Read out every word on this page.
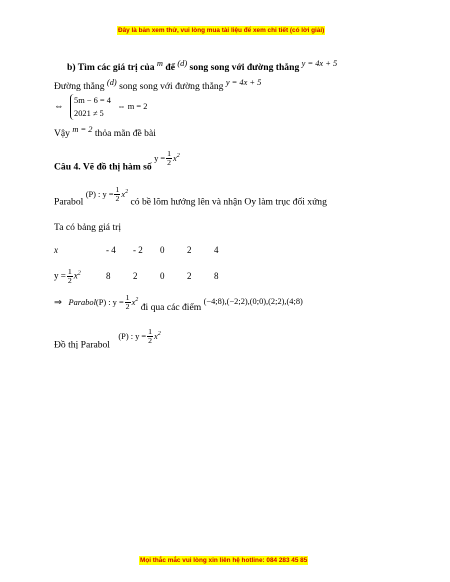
Đây là bản xem thử, vui lòng mua tài liệu để xem chi tiết (có lời giải)
b) Tìm các giá trị của $^m$ để $^{(d)}$ song song với đường thẳng $^{y = 4x + 5}$
Đường thẳng $^{(d)}$ song song với đường thẳng $^{y = 4x + 5}$
⇔
5m − 6 = 4
2021 ≠ 5
⇔ m = 2
Vậy $^{m = 2}$ thỏa mãn đề bài
Câu 4. Vẽ đồ thị hàm số $y = \frac{1}{2} x^2$
Parabol (P) : $y = \frac{1}{2} x^2$ có bề lõm hướng lên và nhận Oy làm trục đối xứng
Ta có bảng giá trị
x	- 4	- 2	0	2	4
$y = \frac{1}{2} x^2$	8	2	0	2	8
⇒ Parabol(P) : $y = \frac{1}{2} x^2$ đi qua các điểm (−4;8),(−2;2),(0;0),(2;2),(4;8)
Đồ thị Parabol (P) : $y = \frac{1}{2} x^2$
Mọi thắc mắc vui lòng xin liên hệ hotline: 084 283 45 85
